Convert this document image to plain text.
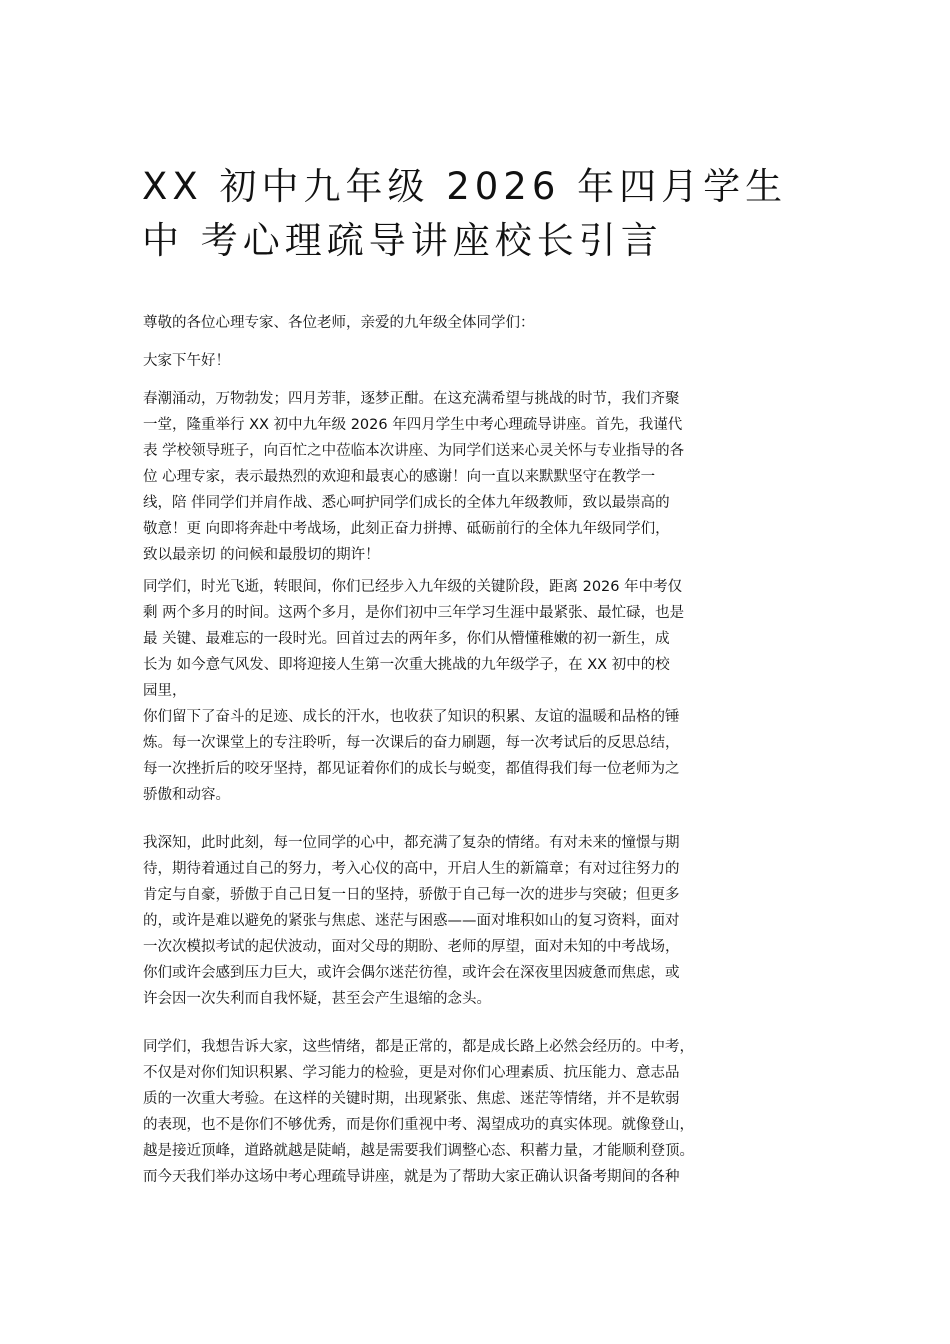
XX 初中九年级 2026 年四月学生
中 考心理疏导讲座校长引言

尊敬的各位心理专家、各位老师，亲爱的九年级全体同学们：

大家下午好！

春潮涌动，万物勃发；四月芳菲，逐梦正酣。在这充满希望与挑战的时节，我们齐聚
一堂，隆重举行 XX 初中九年级 2026 年四月学生中考心理疏导讲座。首先，我谨代
表 学校领导班子，向百忙之中莅临本次讲座、为同学们送来心灵关怀与专业指导的各
位 心理专家，表示最热烈的欢迎和最衷心的感谢！向一直以来默默坚守在教学一
线，陪 伴同学们并肩作战、悉心呵护同学们成长的全体九年级教师，致以最崇高的
敬意！更 向即将奔赴中考战场，此刻正奋力拼搏、砥砺前行的全体九年级同学们，
致以最亲切 的问候和最殷切的期许！

同学们，时光飞逝，转眼间，你们已经步入九年级的关键阶段，距离 2026 年中考仅
剩 两个多月的时间。这两个多月，是你们初中三年学习生涯中最紧张、最忙碌，也是
最 关键、最难忘的一段时光。回首过去的两年多，你们从懵懂稚嫩的初一新生，成
长为 如今意气风发、即将迎接人生第一次重大挑战的九年级学子，在 XX 初中的校
园里，
你们留下了奋斗的足迹、成长的汗水，也收获了知识的积累、友谊的温暖和品格的锤
炼。每一次课堂上的专注聆听，每一次课后的奋力刷题，每一次考试后的反思总结，
每一次挫折后的咬牙坚持，都见证着你们的成长与蜕变，都值得我们每一位老师为之
骄傲和动容。

我深知，此时此刻，每一位同学的心中，都充满了复杂的情绪。有对未来的憧憬与期
待，期待着通过自己的努力，考入心仪的高中，开启人生的新篇章；有对过往努力的
肯定与自豪，骄傲于自己日复一日的坚持，骄傲于自己每一次的进步与突破；但更多
的，或许是难以避免的紧张与焦虑、迷茫与困惑——面对堆积如山的复习资料，面对
一次次模拟考试的起伏波动，面对父母的期盼、老师的厚望，面对未知的中考战场，
你们或许会感到压力巨大，或许会偶尔迷茫彷徨，或许会在深夜里因疲惫而焦虑，或
许会因一次失利而自我怀疑，甚至会产生退缩的念头。

同学们，我想告诉大家，这些情绪，都是正常的，都是成长路上必然会经历的。中考，
不仅是对你们知识积累、学习能力的检验，更是对你们心理素质、抗压能力、意志品
质的一次重大考验。在这样的关键时期，出现紧张、焦虑、迷茫等情绪，并不是软弱
的表现，也不是你们不够优秀，而是你们重视中考、渴望成功的真实体现。就像登山，
越是接近顶峰，道路就越是陡峭，越是需要我们调整心态、积蓄力量，才能顺利登顶。
而今天我们举办这场中考心理疏导讲座，就是为了帮助大家正确认识备考期间的各种
